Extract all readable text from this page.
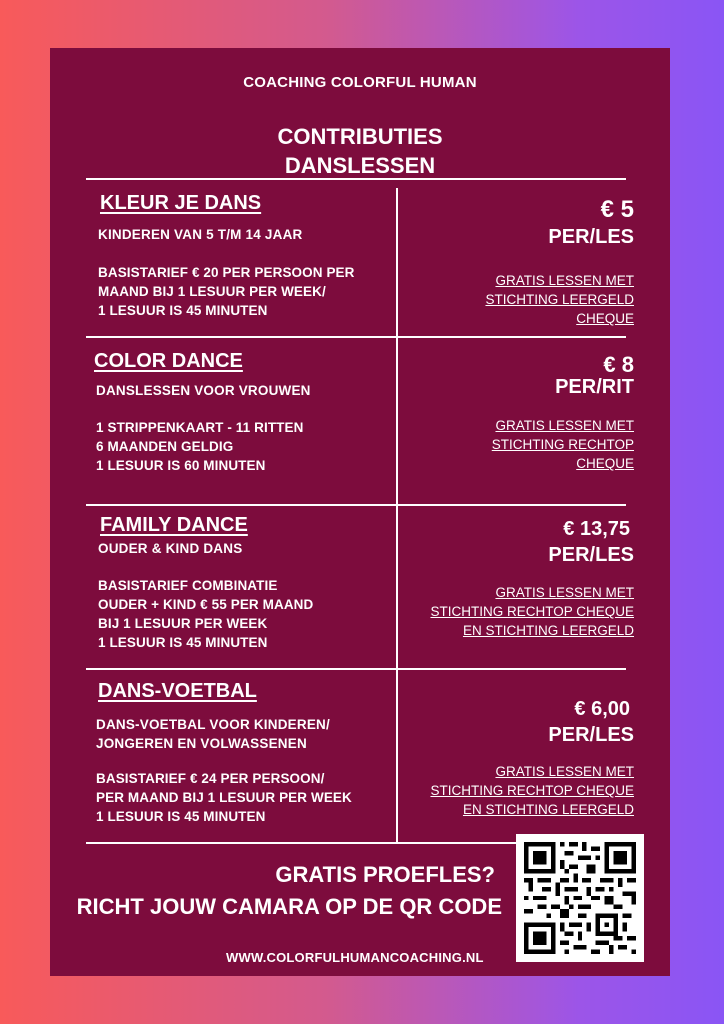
COACHING COLORFUL HUMAN
CONTRIBUTIES
DANSLESSEN
KLEUR JE DANS
KINDEREN VAN 5 T/M 14 JAAR
BASISTARIEF € 20 PER PERSOON PER
MAAND BIJ 1 LESUUR PER WEEK/
1 LESUUR IS 45 MINUTEN
€ 5
PER/LES
GRATIS LESSEN MET
STICHTING LEERGELD
CHEQUE
COLOR DANCE
DANSLESSEN VOOR VROUWEN
1 STRIPPENKAART - 11 RITTEN
6 MAANDEN GELDIG
1 LESUUR IS 60 MINUTEN
€ 8
PER/RIT
GRATIS LESSEN MET
STICHTING RECHTOP
CHEQUE
FAMILY DANCE
OUDER & KIND DANS
BASISTARIEF COMBINATIE
OUDER + KIND € 55 PER MAAND
BIJ 1 LESUUR PER WEEK
1 LESUUR IS 45 MINUTEN
€ 13,75
PER/LES
GRATIS LESSEN MET
STICHTING RECHTOP CHEQUE
EN STICHTING LEERGELD
DANS-VOETBAL
DANS-VOETBAL VOOR KINDEREN/
JONGEREN EN VOLWASSENEN
BASISTARIEF € 24 PER PERSOON/
PER MAAND BIJ 1 LESUUR PER WEEK
1 LESUUR IS 45 MINUTEN
€ 6,00
PER/LES
GRATIS LESSEN MET
STICHTING RECHTOP CHEQUE
EN STICHTING LEERGELD
GRATIS PROEFLES?
RICHT JOUW CAMARA OP DE QR CODE
WWW.COLORFULHUMANCOACHING.NL
